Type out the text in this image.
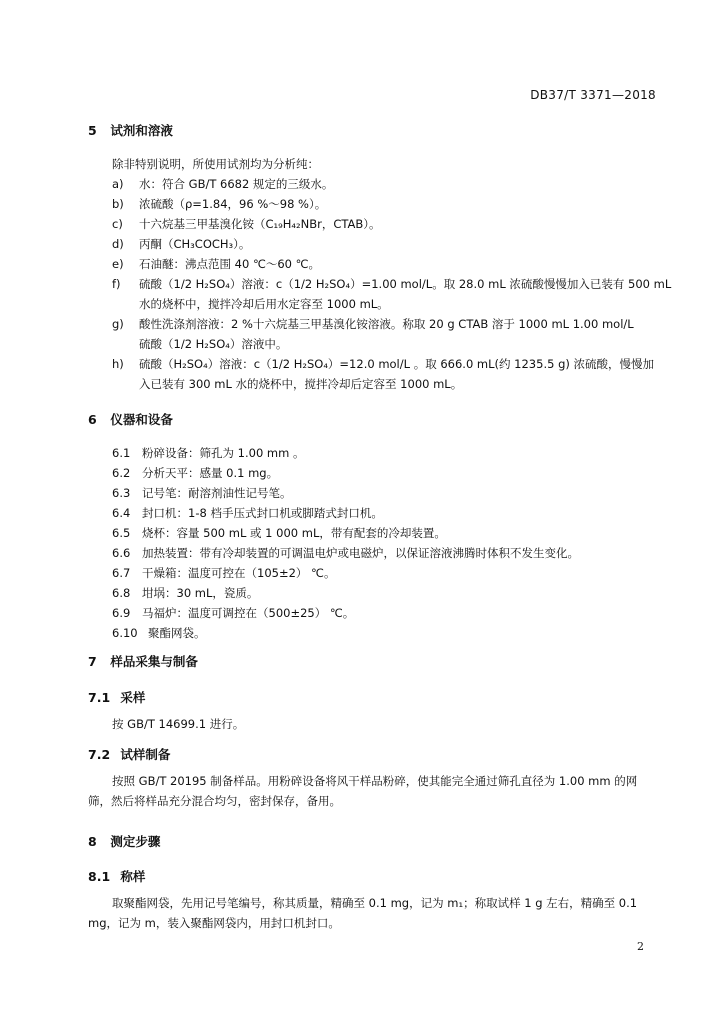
DB37/T 3371—2018
5 试剂和溶液
除非特别说明，所使用试剂均为分析纯：
a) 水：符合 GB/T 6682 规定的三级水。
b) 浓硫酸（ρ=1.84，96 %～98 %）。
c) 十六烷基三甲基溴化铵（C₁₉H₄₂NBr，CTAB）。
d) 丙酮（CH₃COCH₃）。
e) 石油醚：沸点范围 40 ℃～60 ℃。
f) 硫酸（1/2 H₂SO₄）溶液：c（1/2 H₂SO₄）=1.00 mol/L。取 28.0 mL 浓硫酸慢慢加入已装有 500 mL
水的烧杯中，搅拌冷却后用水定容至 1000 mL。
g) 酸性洗涤剂溶液：2 %十六烷基三甲基溴化铵溶液。称取 20 g CTAB 溶于 1000 mL 1.00 mol/L
硫酸（1/2 H₂SO₄）溶液中。
h) 硫酸（H₂SO₄）溶液：c（1/2 H₂SO₄）=12.0 mol/L 。取 666.0 mL(约 1235.5 g) 浓硫酸，慢慢加
入已装有 300 mL 水的烧杯中，搅拌冷却后定容至 1000 mL。
6 仪器和设备
6.1 粉碎设备：筛孔为 1.00 mm 。
6.2 分析天平：感量 0.1 mg。
6.3 记号笔：耐溶剂油性记号笔。
6.4 封口机：1-8 档手压式封口机或脚踏式封口机。
6.5 烧杯：容量 500 mL 或 1 000 mL，带有配套的冷却装置。
6.6 加热装置：带有冷却装置的可调温电炉或电磁炉，以保证溶液沸腾时体积不发生变化。
6.7 干燥箱：温度可控在（105±2） ℃。
6.8 坩埚：30 mL，瓷质。
6.9 马福炉：温度可调控在（500±25） ℃。
6.10 聚酯网袋。
7 样品采集与制备
7.1 采样
按 GB/T 14699.1 进行。
7.2 试样制备
按照 GB/T 20195 制备样品。用粉碎设备将风干样品粉碎，使其能完全通过筛孔直径为 1.00 mm 的网筛，然后将样品充分混合均匀，密封保存，备用。
8 测定步骤
8.1 称样
取聚酯网袋，先用记号笔编号，称其质量，精确至 0.1 mg，记为 m₁；称取试样 1 g 左右，精确至 0.1 mg，记为 m，装入聚酯网袋内，用封口机封口。
2
